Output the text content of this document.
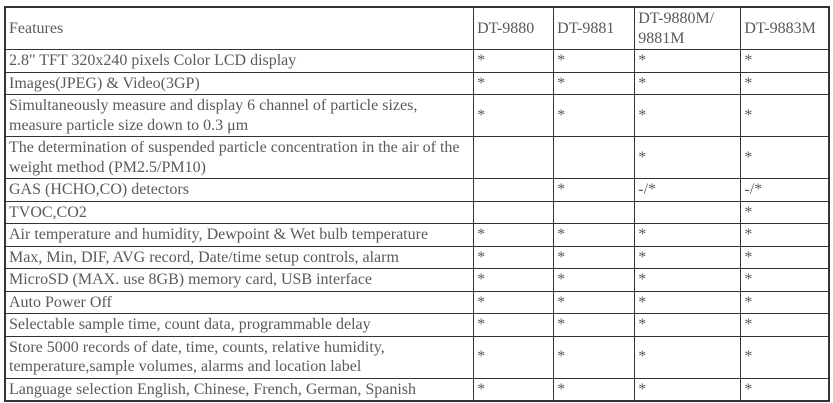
Features	DT-9880	DT-9881	DT-9880M/ 9881M	DT-9883M
2.8" TFT 320x240 pixels Color LCD display	*	*	*	*
Images(JPEG) & Video(3GP)	*	*	*	*
Simultaneously measure and display 6 channel of particle sizes, measure particle size down to 0.3 μm	*	*	*	*
The determination of suspended particle concentration in the air of the weight method (PM2.5/PM10)			*	*
GAS (HCHO,CO) detectors		*	-/*	-/*
TVOC,CO2				*
Air temperature and humidity, Dewpoint & Wet bulb temperature	*	*	*	*
Max, Min, DIF, AVG record, Date/time setup controls, alarm	*	*	*	*
MicroSD (MAX. use 8GB) memory card, USB interface	*	*	*	*
Auto Power Off	*	*	*	*
Selectable sample time, count data, programmable delay	*	*	*	*
Store 5000 records of date, time, counts, relative humidity, temperature,sample volumes, alarms and location label	*	*	*	*
Language selection English, Chinese, French, German, Spanish	*	*	*	*
